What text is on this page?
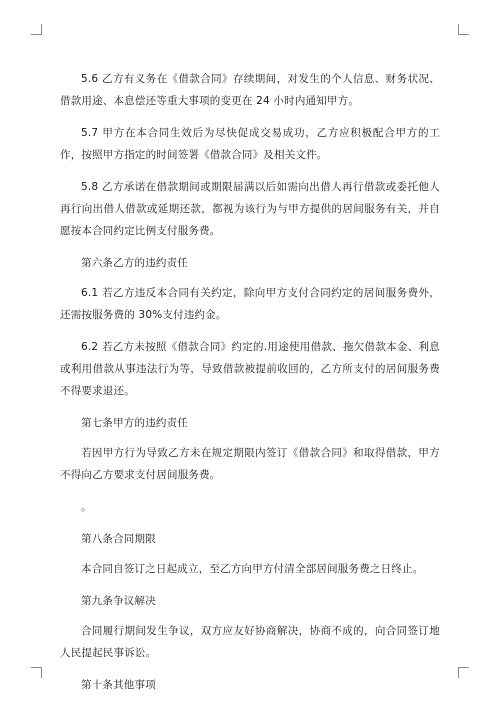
5.6 乙方有义务在《借款合同》存续期间，对发生的个人信息、财务状况、借款用途、本息偿还等重大事项的变更在 24 小时内通知甲方。

5.7 甲方在本合同生效后为尽快促成交易成功，乙方应积极配合甲方的工作，按照甲方指定的时间签署《借款合同》及相关文件。

5.8 乙方承诺在借款期间或期限届满以后如需向出借人再行借款或委托他人再行向出借人借款或延期还款，都视为该行为与甲方提供的居间服务有关，并自愿按本合同约定比例支付服务费。

第六条乙方的违约责任

6.1 若乙方违反本合同有关约定，除向甲方支付合同约定的居间服务费外，还需按服务费的 30%支付违约金。

6.2 若乙方未按照《借款合同》约定的.用途使用借款、拖欠借款本金、利息或利用借款从事违法行为等，导致借款被提前收回的，乙方所支付的居间服务费不得要求退还。

第七条甲方的违约责任

若因甲方行为导致乙方未在规定期限内签订《借款合同》和取得借款，甲方不得向乙方要求支付居间服务费。

。

第八条合同期限

本合同自签订之日起成立，至乙方向甲方付清全部居间服务费之日终止。

第九条争议解决

合同履行期间发生争议，双方应友好协商解决，协商不成的，向合同签订地人民提起民事诉讼。

第十条其他事项
